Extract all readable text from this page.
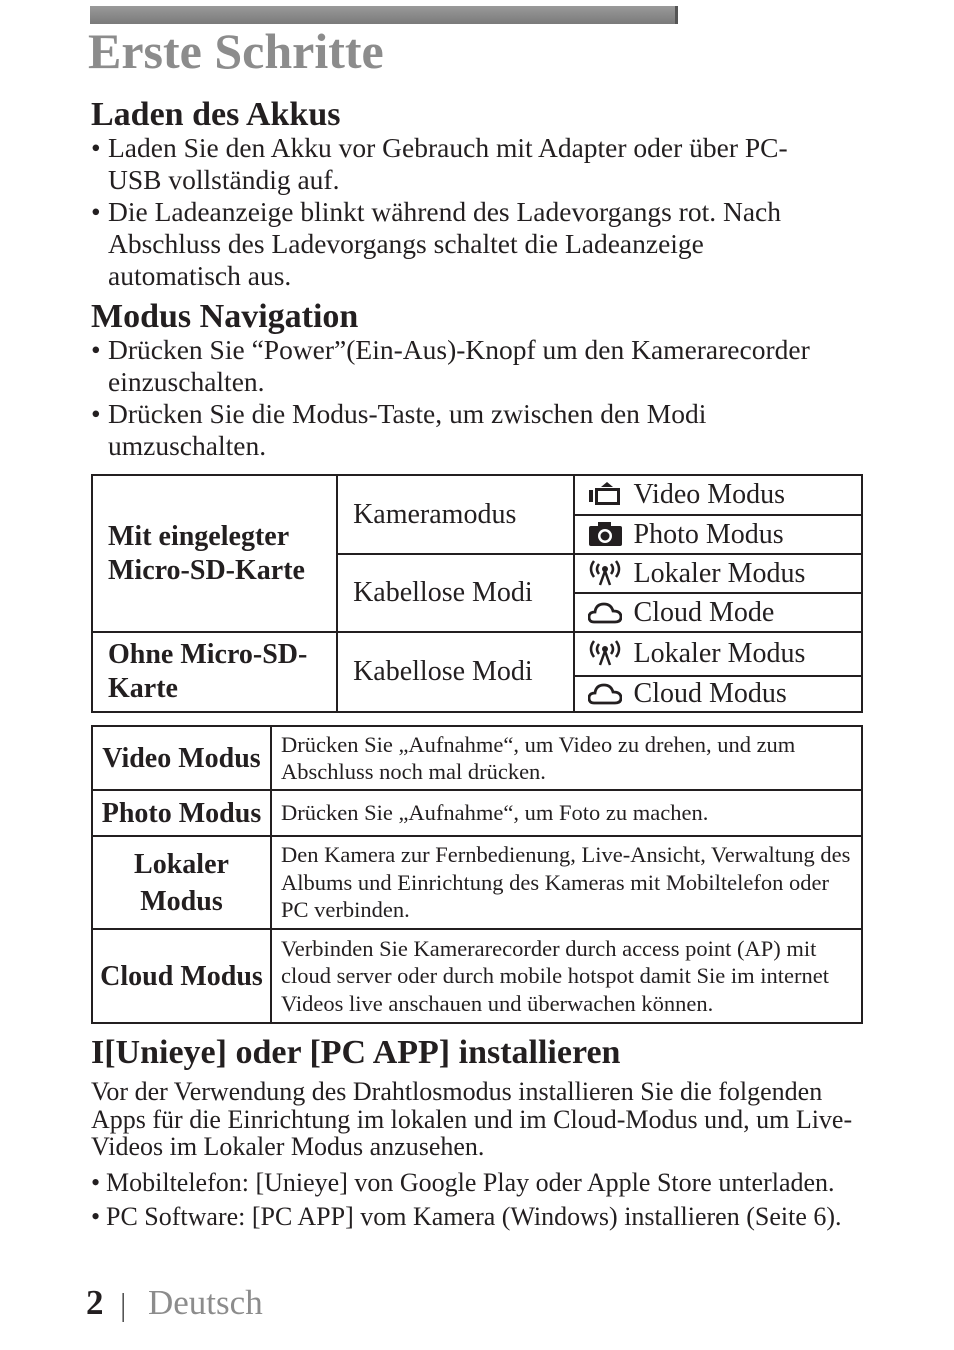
Erste Schritte
Laden des Akkus
• Laden Sie den Akku vor Gebrauch mit Adapter oder über PC-USB vollständig auf.
• Die Ladeanzeige blinkt während des Ladevorgangs rot. Nach Abschluss des Ladevorgangs schaltet die Ladeanzeige automatisch aus.
Modus Navigation
• Drücken Sie “Power”(Ein-Aus)-Knopf um den Kamerarecorder einzuschalten.
• Drücken Sie die Modus-Taste, um zwischen den Modi umzuschalten.
Mit eingelegter Micro-SD-Karte	Kameramodus	Video Modus
		Photo Modus
	Kabellose Modi	Lokaler Modus
		Cloud Mode
Ohne Micro-SD-Karte	Kabellose Modi	Lokaler Modus
		Cloud Modus
Video Modus	Drücken Sie „Aufnahme“, um Video zu drehen, und zum Abschluss noch mal drücken.
Photo Modus	Drücken Sie „Aufnahme“, um Foto zu machen.
Lokaler Modus	Den Kamera zur Fernbedienung, Live-Ansicht, Verwaltung des Albums und Einrichtung des Kameras mit Mobiltelefon oder PC verbinden.
Cloud Modus	Verbinden Sie Kamerarecorder durch access point (AP) mit cloud server oder durch mobile hotspot damit Sie im internet Videos live anschauen und überwachen können.
I[Unieye] oder [PC APP] installieren
Vor der Verwendung des Drahtlosmodus installieren Sie die folgenden Apps für die Einrichtung im lokalen und im Cloud-Modus und, um Live-Videos im Lokaler Modus anzusehen.
• Mobiltelefon: [Unieye] von Google Play oder Apple Store unterladen.
• PC Software: [PC APP] vom Kamera (Windows) installieren (Seite 6).
2 | Deutsch
